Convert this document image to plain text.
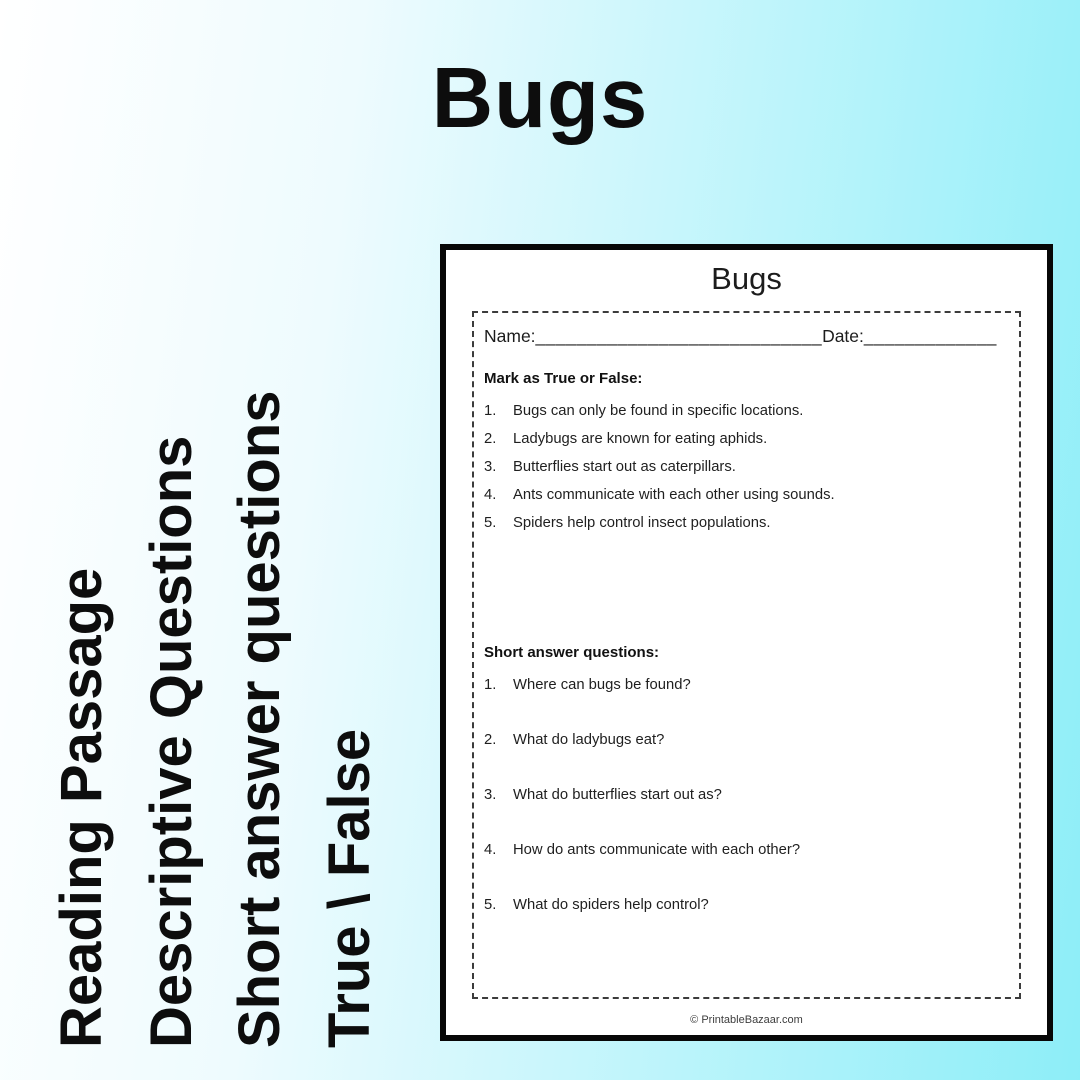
Bugs
Reading Passage Descriptive Questions Short answer questions True \ False
Bugs
Name: ____________________________ Date: _____________
Mark as True or False:
1.	Bugs can only be found in specific locations.
2.	Ladybugs are known for eating aphids.
3.	Butterflies start out as caterpillars.
4.	Ants communicate with each other using sounds.
5.	Spiders help control insect populations.
Short answer questions:
1.	Where can bugs be found?
2.	What do ladybugs eat?
3.	What do butterflies start out as?
4.	How do ants communicate with each other?
5.	What do spiders help control?
© PrintableBazaar.com
